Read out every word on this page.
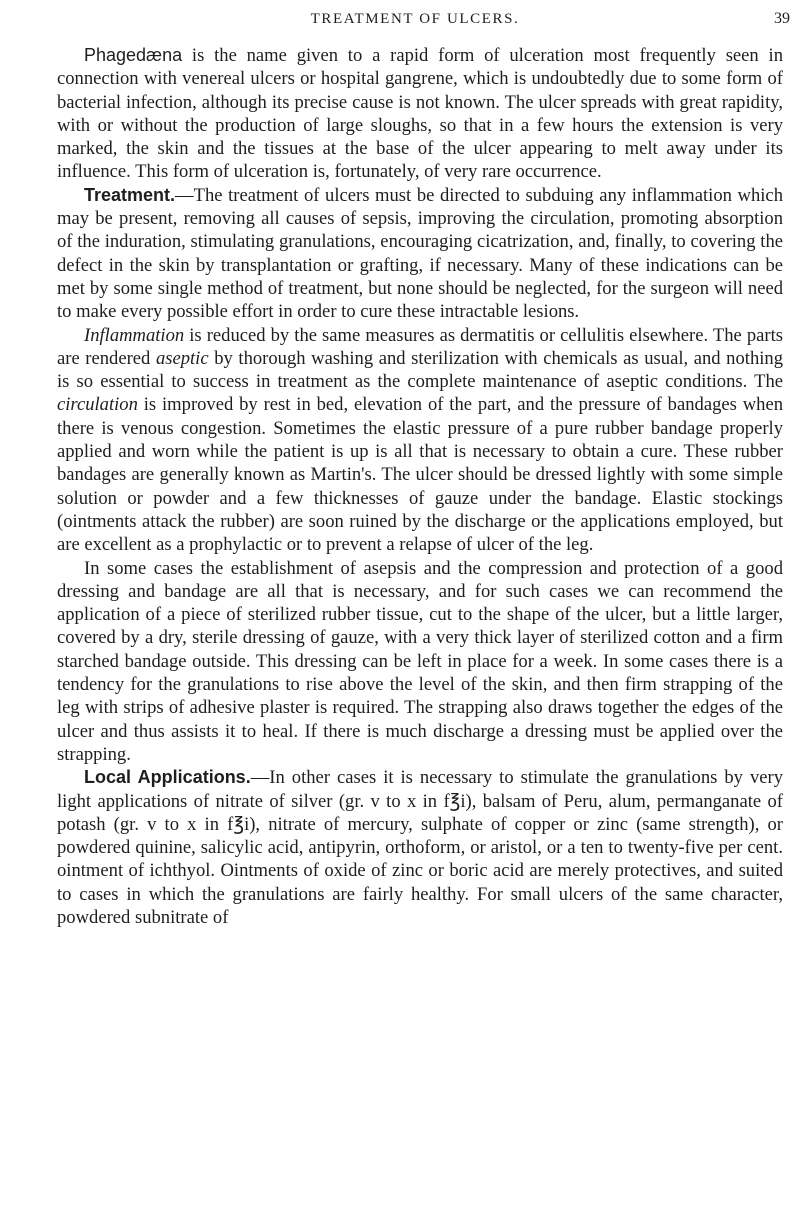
TREATMENT OF ULCERS.	39

Phagedæna is the name given to a rapid form of ulceration most frequently seen in connection with venereal ulcers or hospital gangrene, which is undoubtedly due to some form of bacterial infection, although its precise cause is not known. The ulcer spreads with great rapidity, with or without the production of large sloughs, so that in a few hours the extension is very marked, the skin and the tissues at the base of the ulcer appearing to melt away under its influence. This form of ulceration is, fortunately, of very rare occurrence.

Treatment.—The treatment of ulcers must be directed to subduing any inflammation which may be present, removing all causes of sepsis, improving the circulation, promoting absorption of the induration, stimulating granulations, encouraging cicatrization, and, finally, to covering the defect in the skin by transplantation or grafting, if necessary. Many of these indications can be met by some single method of treatment, but none should be neglected, for the surgeon will need to make every possible effort in order to cure these intractable lesions.

Inflammation is reduced by the same measures as dermatitis or cellulitis elsewhere. The parts are rendered aseptic by thorough washing and sterilization with chemicals as usual, and nothing is so essential to success in treatment as the complete maintenance of aseptic conditions. The circulation is improved by rest in bed, elevation of the part, and the pressure of bandages when there is venous congestion. Sometimes the elastic pressure of a pure rubber bandage properly applied and worn while the patient is up is all that is necessary to obtain a cure. These rubber bandages are generally known as Martin's. The ulcer should be dressed lightly with some simple solution or powder and a few thicknesses of gauze under the bandage. Elastic stockings (ointments attack the rubber) are soon ruined by the discharge or the applications employed, but are excellent as a prophylactic or to prevent a relapse of ulcer of the leg.

In some cases the establishment of asepsis and the compression and protection of a good dressing and bandage are all that is necessary, and for such cases we can recommend the application of a piece of sterilized rubber tissue, cut to the shape of the ulcer, but a little larger, covered by a dry, sterile dressing of gauze, with a very thick layer of sterilized cotton and a firm starched bandage outside. This dressing can be left in place for a week. In some cases there is a tendency for the granulations to rise above the level of the skin, and then firm strapping of the leg with strips of adhesive plaster is required. The strapping also draws together the edges of the ulcer and thus assists it to heal. If there is much discharge a dressing must be applied over the strapping.

Local Applications.—In other cases it is necessary to stimulate the granulations by very light applications of nitrate of silver (gr. v to x in f℥i), balsam of Peru, alum, permanganate of potash (gr. v to x in f℥i), nitrate of mercury, sulphate of copper or zinc (same strength), or powdered quinine, salicylic acid, antipyrin, orthoform, or aristol, or a ten to twenty-five per cent. ointment of ichthyol. Ointments of oxide of zinc or boric acid are merely protectives, and suited to cases in which the granulations are fairly healthy. For small ulcers of the same character, powdered subnitrate of
